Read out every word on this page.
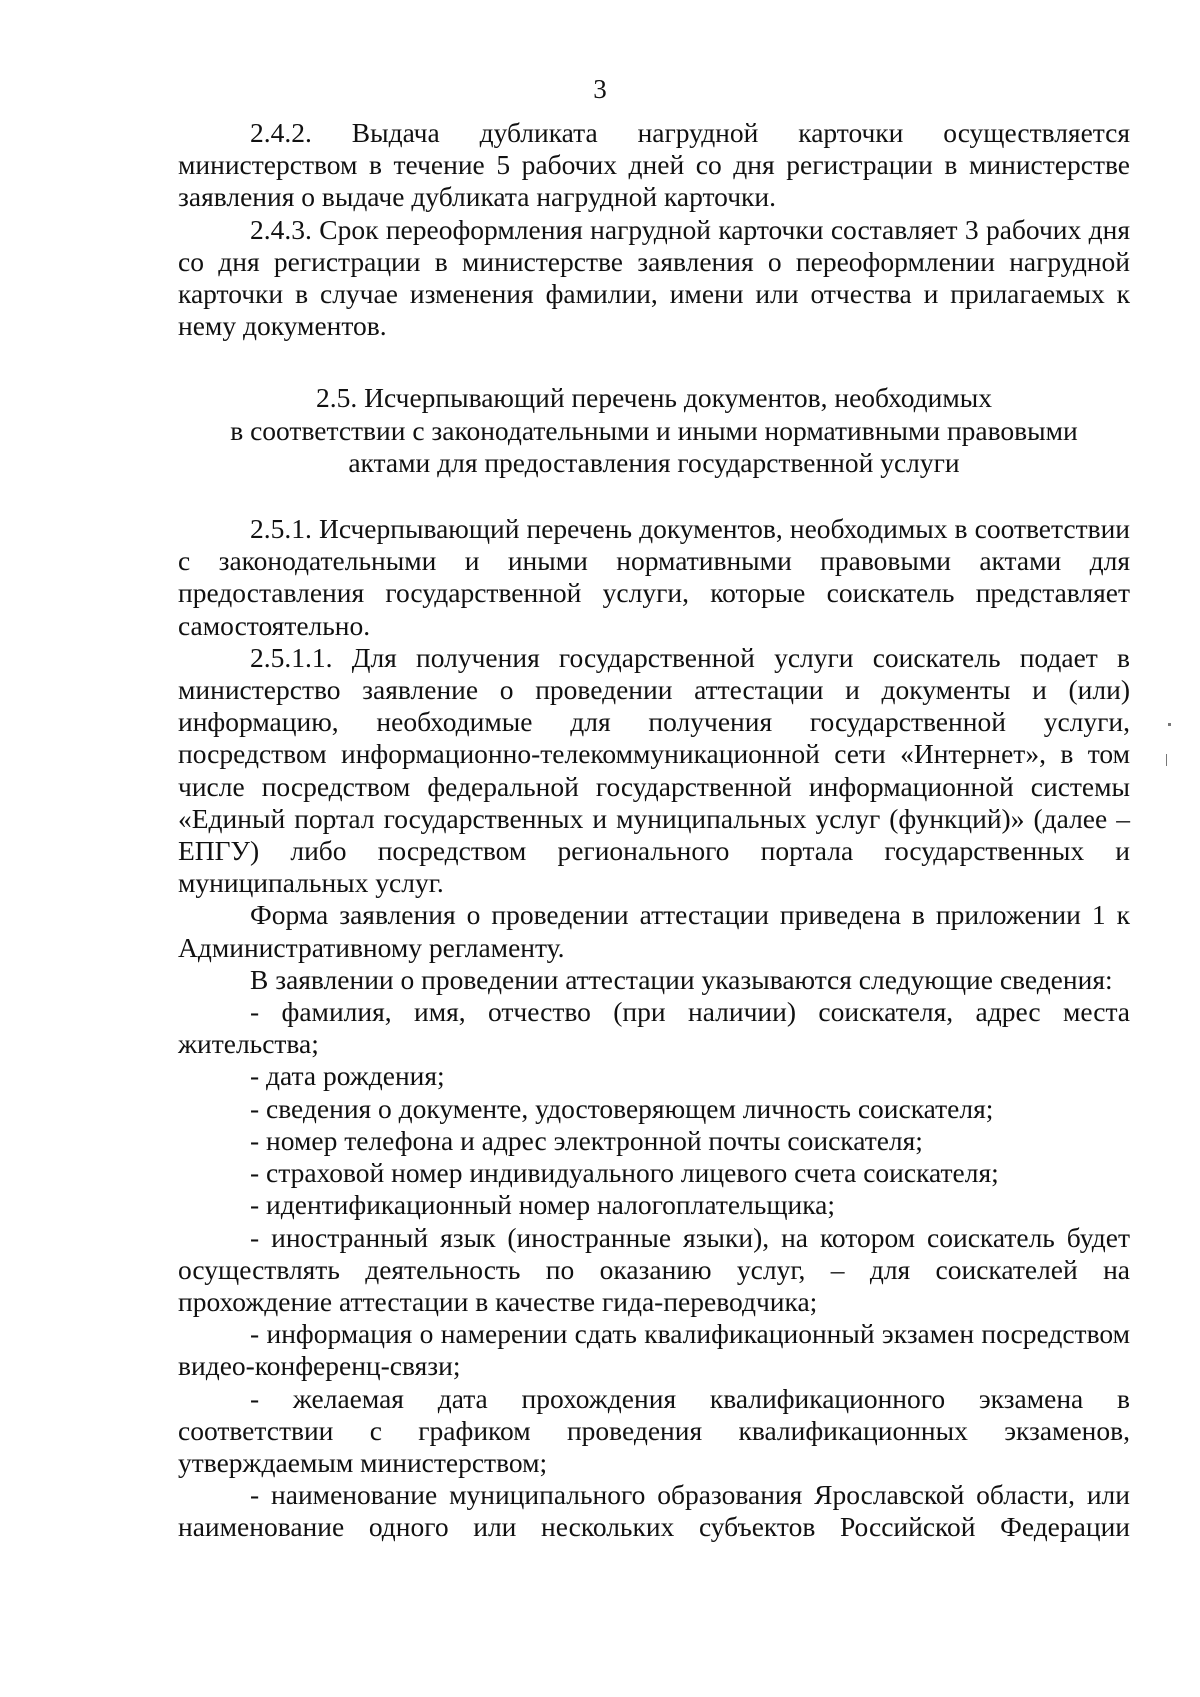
3

2.4.2. Выдача дубликата нагрудной карточки осуществляется министерством в течение 5 рабочих дней со дня регистрации в министерстве заявления о выдаче дубликата нагрудной карточки.

2.4.3. Срок переоформления нагрудной карточки составляет 3 рабочих дня со дня регистрации в министерстве заявления о переоформлении нагрудной карточки в случае изменения фамилии, имени или отчества и прилагаемых к нему документов.

2.5. Исчерпывающий перечень документов, необходимых
в соответствии с законодательными и иными нормативными правовыми
актами для предоставления государственной услуги

2.5.1. Исчерпывающий перечень документов, необходимых в соответствии с законодательными и иными нормативными правовыми актами для предоставления государственной услуги, которые соискатель представляет самостоятельно.

2.5.1.1. Для получения государственной услуги соискатель подает в министерство заявление о проведении аттестации и документы и (или) информацию, необходимые для получения государственной услуги, посредством информационно-телекоммуникационной сети «Интернет», в том числе посредством федеральной государственной информационной системы «Единый портал государственных и муниципальных услуг (функций)» (далее – ЕПГУ) либо посредством регионального портала государственных и муниципальных услуг.

Форма заявления о проведении аттестации приведена в приложении 1 к Административному регламенту.

В заявлении о проведении аттестации указываются следующие сведения:

- фамилия, имя, отчество (при наличии) соискателя, адрес места жительства;

- дата рождения;

- сведения о документе, удостоверяющем личность соискателя;

- номер телефона и адрес электронной почты соискателя;

- страховой номер индивидуального лицевого счета соискателя;

- идентификационный номер налогоплательщика;

- иностранный язык (иностранные языки), на котором соискатель будет осуществлять деятельность по оказанию услуг, – для соискателей на прохождение аттестации в качестве гида-переводчика;

- информация о намерении сдать квалификационный экзамен посредством видео-конференц-связи;

- желаемая дата прохождения квалификационного экзамена в соответствии с графиком проведения квалификационных экзаменов, утверждаемым министерством;

- наименование муниципального образования Ярославской области, или наименование одного или нескольких субъектов Российской Федерации
